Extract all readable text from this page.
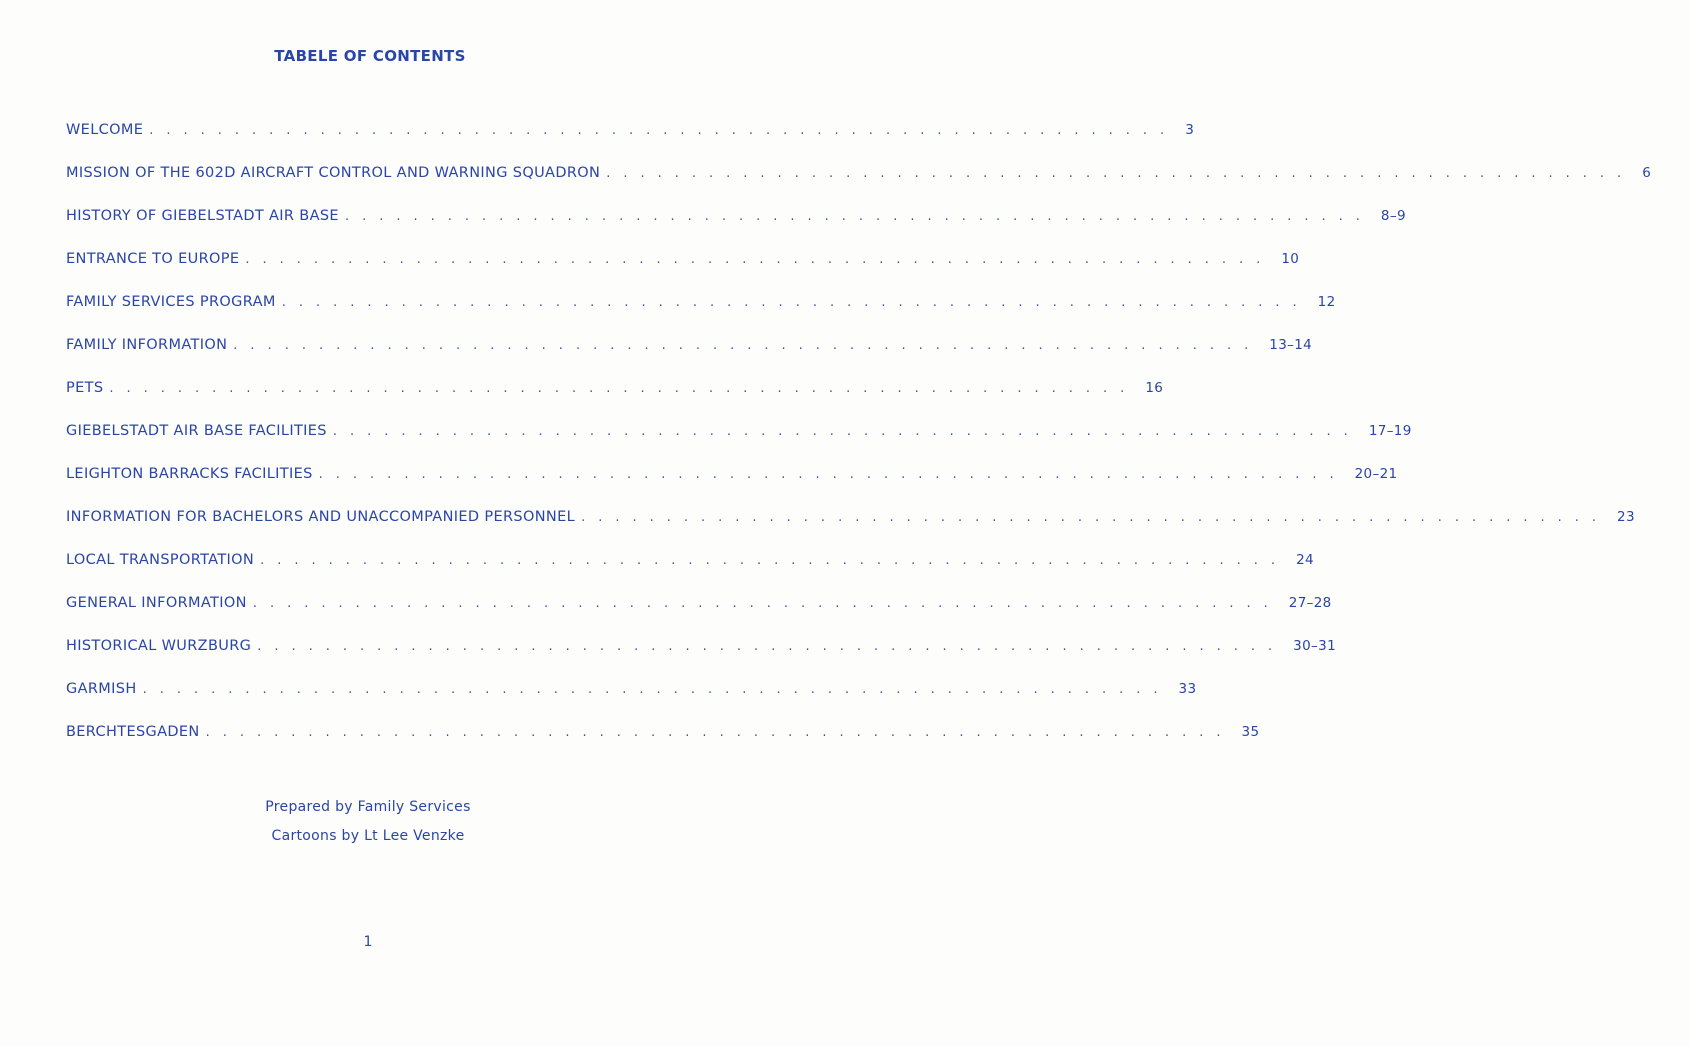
TABELE OF CONTENTS
WELCOME ............................................................ 3
MISSION OF THE 602D AIRCRAFT CONTROL AND WARNING SQUADRON ............................................................ 6
HISTORY OF GIEBELSTADT AIR BASE ............................................................ 8–9
ENTRANCE TO EUROPE ............................................................ 10
FAMILY SERVICES PROGRAM ............................................................ 12
FAMILY INFORMATION ............................................................ 13–14
PETS ............................................................ 16
GIEBELSTADT AIR BASE FACILITIES ............................................................ 17–19
LEIGHTON BARRACKS FACILITIES ............................................................ 20–21
INFORMATION FOR BACHELORS AND UNACCOMPANIED PERSONNEL ............................................................ 23
LOCAL TRANSPORTATION ............................................................ 24
GENERAL INFORMATION ............................................................ 27–28
HISTORICAL WURZBURG ............................................................ 30–31
GARMISH ............................................................ 33
BERCHTESGADEN ............................................................ 35
Prepared by Family Services
Cartoons by Lt Lee Venzke
1
